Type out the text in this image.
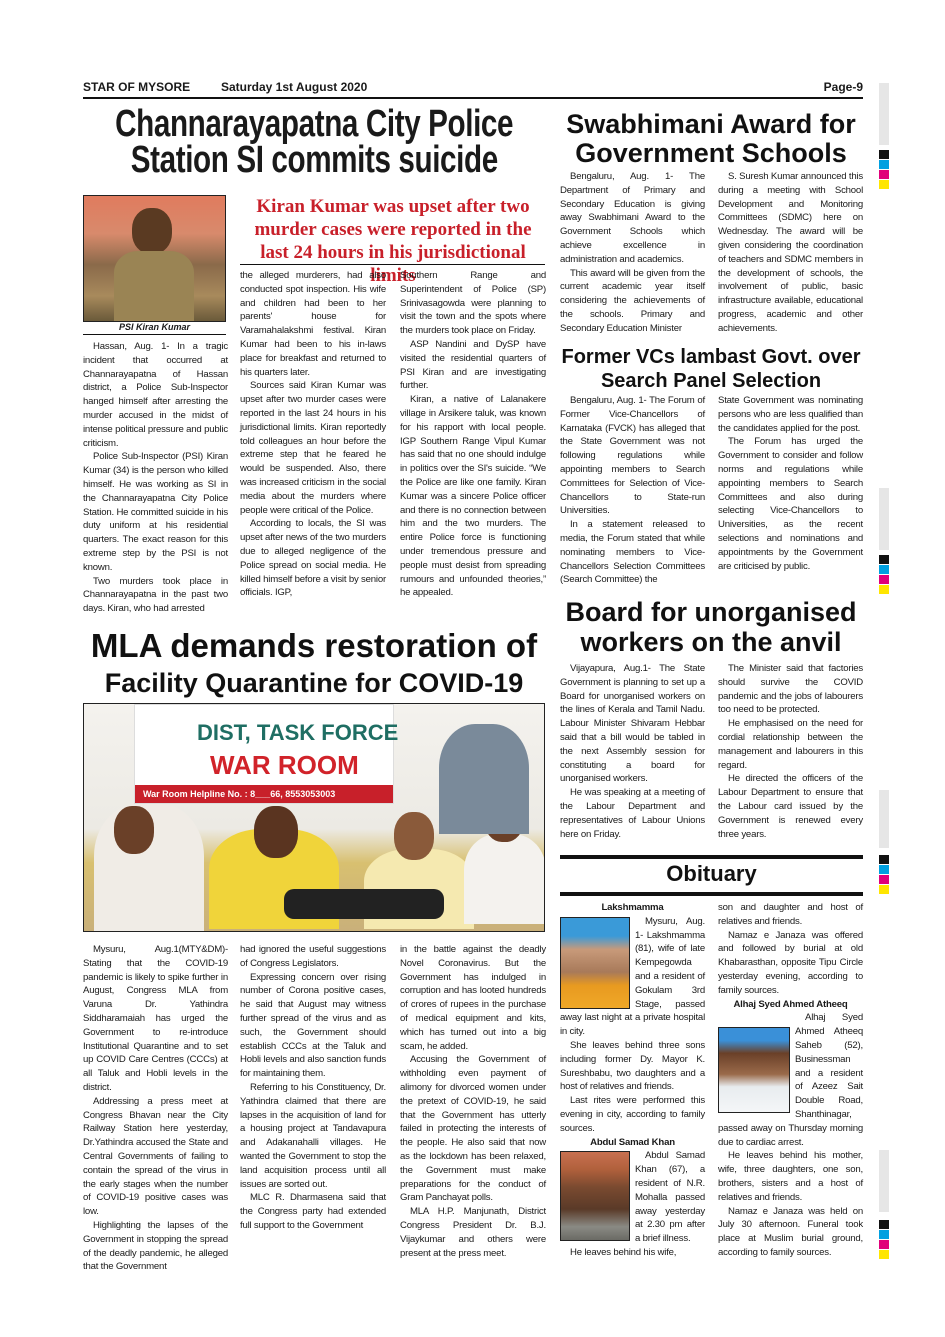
STAR OF MYSORE	Saturday 1st August 2020	Page-9
Channarayapatna City Police
Station SI commits suicide
PSI Kiran Kumar
Kiran Kumar was upset after two murder cases were reported in the last 24 hours in his jurisdictional limits

Hassan, Aug. 1- In a tragic incident that occurred at Channarayapatna of Hassan district, a Police Sub-Inspector hanged himself after arresting the murder accused in the midst of intense political pressure and public criticism.

Police Sub-Inspector (PSI) Kiran Kumar (34) is the person who killed himself. He was working as SI in the Channarayapatna City Police Station. He committed suicide in his duty uniform at his residential quarters. The exact reason for this extreme step by the PSI is not known.

Two murders took place in Channarayapatna in the past two days. Kiran, who had arrested

the alleged murderers, had also conducted spot inspection. His wife and children had been to her parents' house for Varamahalakshmi festival. Kiran Kumar had been to his in-laws place for breakfast and returned to his quarters later.

Sources said Kiran Kumar was upset after two murder cases were reported in the last 24 hours in his jurisdictional limits. Kiran reportedly told colleagues an hour before the extreme step that he feared he would be suspended. Also, there was increased criticism in the social media about the murders where people were critical of the Police.

According to locals, the SI was upset after news of the two murders due to alleged negligence of the Police spread on social media. He killed himself before a visit by senior officials. IGP,

Southern Range and Superintendent of Police (SP) Srinivasagowda were planning to visit the town and the spots where the murders took place on Friday.

ASP Nandini and DySP have visited the residential quarters of PSI Kiran and are investigating further.

Kiran, a native of Lalanakere village in Arsikere taluk, was known for his rapport with local people. IGP Southern Range Vipul Kumar has said that no one should indulge in politics over the SI's suicide. “We the Police are like one family. Kiran Kumar was a sincere Police officer and there is no connection between him and the two murders. The entire Police force is functioning under tremendous pressure and people must desist from spreading rumours and unfounded theories,” he appealed.

MLA demands restoration of
Facility Quarantine for COVID-19
DIST, TASK FORCE
WAR ROOM
War Room Helpline No. : 8___66, 8553053003

Mysuru, Aug.1(MTY&DM)- Stating that the COVID-19 pandemic is likely to spike further in August, Congress MLA from Varuna Dr. Yathindra Siddharamaiah has urged the Government to re-introduce Institutional Quarantine and to set up COVID Care Centres (CCCs) at all Taluk and Hobli levels in the district.

Addressing a press meet at Congress Bhavan near the City Railway Station here yesterday, Dr.Yathindra accused the State and Central Governments of failing to contain the spread of the virus in the early stages when the number of COVID-19 positive cases was low.

Highlighting the lapses of the Government in stopping the spread of the deadly pandemic, he alleged that the Government

had ignored the useful suggestions of Congress Legislators.

Expressing concern over rising number of Corona positive cases, he said that August may witness further spread of the virus and as such, the Government should establish CCCs at the Taluk and Hobli levels and also sanction funds for maintaining them.

Referring to his Constituency, Dr. Yathindra claimed that there are lapses in the acquisition of land for a housing project at Tandavapura and Adakanahalli villages. He wanted the Government to stop the land acquisition process until all issues are sorted out.

MLC R. Dharmasena said that the Congress party had extended full support to the Government

in the battle against the deadly Novel Coronavirus. But the Government has indulged in corruption and has looted hundreds of crores of rupees in the purchase of medical equipment and kits, which has turned out into a big scam, he added.

Accusing the Government of withholding even payment of alimony for divorced women under the pretext of COVID-19, he said that the Government has utterly failed in protecting the interests of the people. He also said that now as the lockdown has been relaxed, the Government must make preparations for the conduct of Gram Panchayat polls.

MLA H.P. Manjunath, District Congress President Dr. B.J. Vijaykumar and others were present at the press meet.

Swabhimani Award for
Government Schools

Bengaluru, Aug. 1- The Department of Primary and Secondary Education is giving away Swabhimani Award to the Government Schools which achieve excellence in administration and academics.

This award will be given from the current academic year itself considering the achievements of the schools. Primary and Secondary Education Minister

S. Suresh Kumar announced this during a meeting with School Development and Monitoring Committees (SDMC) here on Wednesday. The award will be given considering the coordination of teachers and SDMC members in the development of schools, the involvement of public, basic infrastructure available, educational progress, academic and other achievements.

Former VCs lambast Govt. over
Search Panel Selection

Bengaluru, Aug. 1- The Forum of Former Vice-Chancellors of Karnataka (FVCK) has alleged that the State Government was not following regulations while appointing members to Search Committees for Selection of Vice-Chancellors to State-run Universities.

In a statement released to media, the Forum stated that while nominating members to Vice-Chancellors Selection Committees (Search Committee) the

State Government was nominating persons who are less qualified than the candidates applied for the post.

The Forum has urged the Government to consider and follow norms and regulations while appointing members to Search Committees and also during selecting Vice-Chancellors to Universities, as the recent selections and nominations and appointments by the Government are criticised by public.

Board for unorganised
workers on the anvil

Vijayapura, Aug.1- The State Government is planning to set up a Board for unorganised workers on the lines of Kerala and Tamil Nadu. Labour Minister Shivaram Hebbar said that a bill would be tabled in the next Assembly session for constituting a board for unorganised workers.

He was speaking at a meeting of the Labour Department and representatives of Labour Unions here on Friday.

The Minister said that factories should survive the COVID pandemic and the jobs of labourers too need to be protected.

He emphasised on the need for cordial relationship between the management and labourers in this regard.

He directed the officers of the Labour Department to ensure that the Labour card issued by the Government is renewed every three years.

Obituary

Lakshmamma

Mysuru, Aug. 1- Lakshmamma (81), wife of late Kempegowda and a resident of Gokulam 3rd Stage, passed away last night at a private hospital in city.

She leaves behind three sons including former Dy. Mayor K. Sureshbabu, two daughters and a host of relatives and friends.

Last rites were performed this evening in city, according to family sources.

Abdul Samad Khan

Abdul Samad Khan (67), a resident of N.R. Mohalla passed away yesterday at 2.30 pm after a brief illness.

He leaves behind his wife,

son and daughter and host of relatives and friends.

Namaz e Janaza was offered and followed by burial at old Khabarasthan, opposite Tipu Circle yesterday evening, according to family sources.

Alhaj Syed Ahmed Atheeq

Alhaj Syed Ahmed Atheeq Saheb (52), Businessman and a resident of Azeez Sait Double Road, Shanthinagar, passed away on Thursday morning due to cardiac arrest.

He leaves behind his mother, wife, three daughters, one son, brothers, sisters and a host of relatives and friends.

Namaz e Janaza was held on July 30 afternoon. Funeral took place at Muslim burial ground, according to family sources.
